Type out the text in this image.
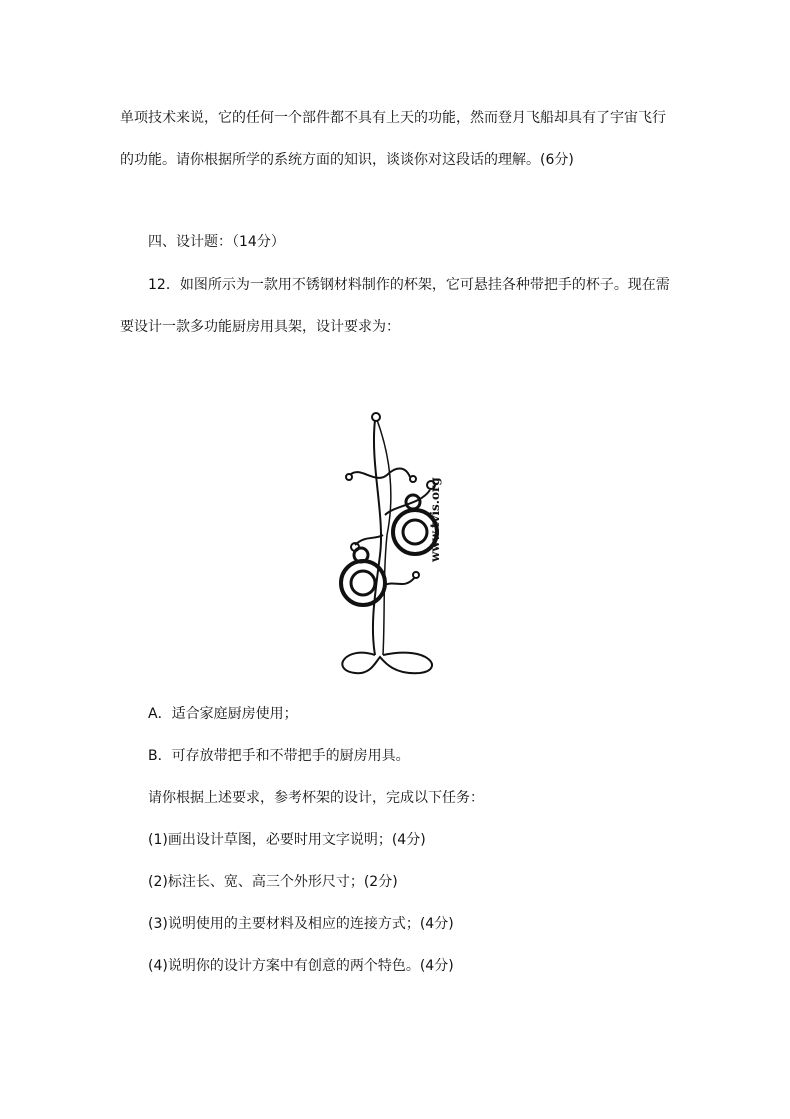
单项技术来说，它的任何一个部件都不具有上天的功能，然而登月飞船却具有了宇宙飞行
的功能。请你根据所学的系统方面的知识，谈谈你对这段话的理解。(6分)
四、设计题：（14分）
12．如图所示为一款用不锈钢材料制作的杯架，它可悬挂各种带把手的杯子。现在需
要设计一款多功能厨房用具架，设计要求为：
www.tvis.org
A．适合家庭厨房使用；
B．可存放带把手和不带把手的厨房用具。
请你根据上述要求，参考杯架的设计，完成以下任务：
(1)画出设计草图，必要时用文字说明；(4分)
(2)标注长、宽、高三个外形尺寸；(2分)
(3)说明使用的主要材料及相应的连接方式；(4分)
(4)说明你的设计方案中有创意的两个特色。(4分)
